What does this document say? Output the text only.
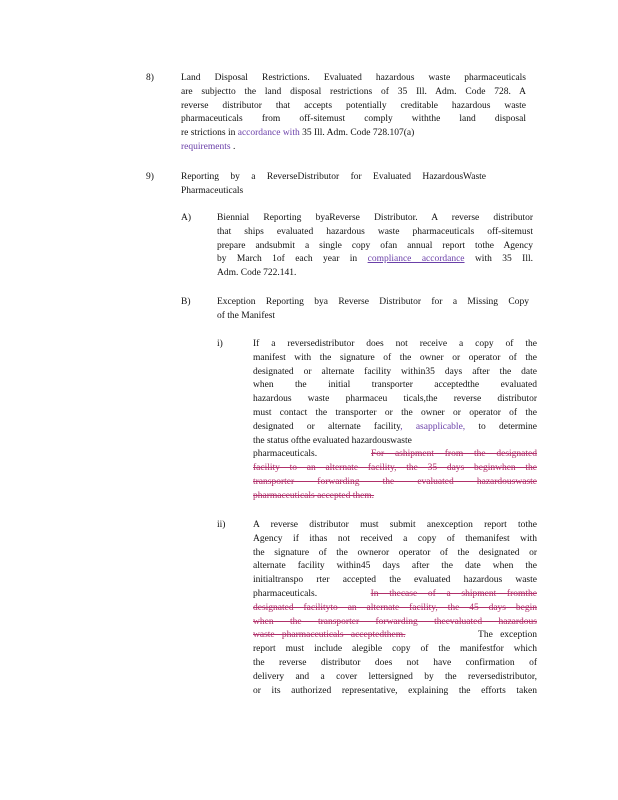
8)	Land Disposal Restrictions. Evaluated hazardous waste pharmaceuticals
are subjectto the land disposal restrictions of 35 Ill. Adm. Code 728. A
reverse distributor that accepts potentially creditable hazardous waste
pharmaceuticals from off-sitemust comply withthe land disposal
re strictions in accordance with 35 Ill. Adm. Code 728.107(a)
requirements .
9)	Reporting by a ReverseDistributor for Evaluated HazardousWaste
Pharmaceuticals
A)	Biennial Reporting byaReverse Distributor. A reverse distributor
that ships evaluated hazardous waste pharmaceuticals off-sitemust
prepare andsubmit a single copy ofan annual report tothe Agency
by March 1of each year in compliance accordance with 35 Ill.
Adm. Code 722.141.
B)	Exception Reporting bya Reverse Distributor for a Missing Copy
of the Manifest
i)	If a reversedistributor does not receive a copy of the
manifest with the signature of the owner or operator of the
designated or alternate facility within35 days after the date
when the initial transporter acceptedthe evaluated
hazardous waste pharmaceu ticals,the reverse distributor
must contact the transporter or the owner or operator of the
designated or alternate facility, asapplicable, to determine
the status ofthe evaluated hazardouswaste
pharmaceuticals.	For ashipment from the designated
facility to an alternate facility, the 35 days beginwhen the
transporter forwarding the evaluated hazardouswaste
pharmaceuticals accepted them.
ii)	A reverse distributor must submit anexception report tothe
Agency if ithas not received a copy of themanifest with
the signature of the owneror operator of the designated or
alternate facility within45 days after the date when the
initialtranspo rter accepted the evaluated hazardous waste
pharmaceuticals.	In thecase of a shipment fromthe
designated facilityto an alternate facility, the 45 days begin
when the transporter forwarding theevaluated hazardous
waste pharmaceuticals acceptedthem.	The exception
report must include alegible copy of the manifestfor which
the reverse distributor does not have confirmation of
delivery and a cover lettersigned by the reversedistributor,
or its authorized representative, explaining the efforts taken
